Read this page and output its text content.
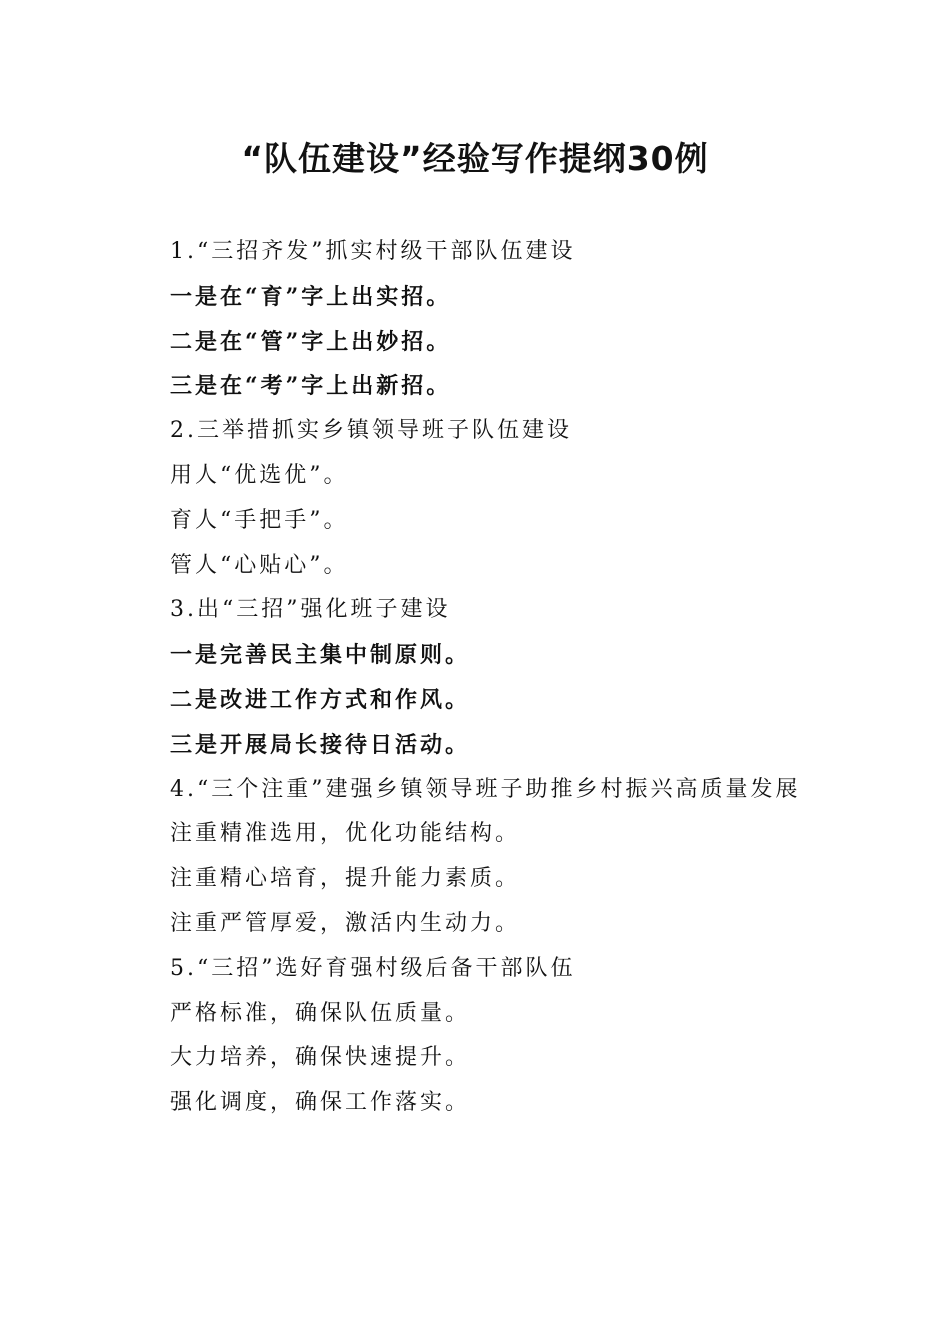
“队伍建设”经验写作提纲30例
1.“三招齐发”抓实村级干部队伍建设
一是在“育”字上出实招。
二是在“管”字上出妙招。
三是在“考”字上出新招。
2.三举措抓实乡镇领导班子队伍建设
用人“优选优”。
育人“手把手”。
管人“心贴心”。
3.出“三招”强化班子建设
一是完善民主集中制原则。
二是改进工作方式和作风。
三是开展局长接待日活动。
4.“三个注重”建强乡镇领导班子助推乡村振兴高质量发展
注重精准选用，优化功能结构。
注重精心培育，提升能力素质。
注重严管厚爱，激活内生动力。
5.“三招”选好育强村级后备干部队伍
严格标准，确保队伍质量。
大力培养，确保快速提升。
强化调度，确保工作落实。
